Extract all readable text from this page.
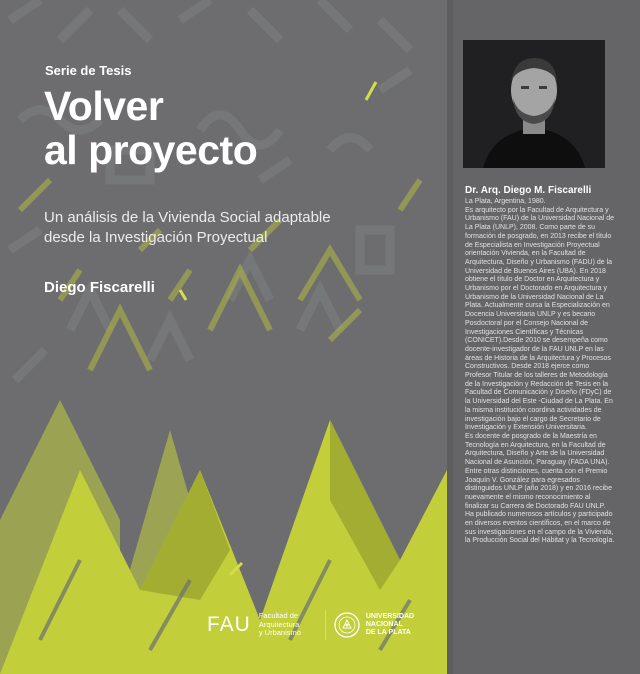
Serie de Tesis
Volver
al proyecto
Un análisis de la Vivienda Social adaptable
desde la Investigación Proyectual
Diego Fiscarelli
FAU Facultad de
Arquitectura
y Urbanismo
UNIVERSIDAD
NACIONAL
DE LA PLATA
Dr. Arq. Diego M. Fiscarelli

La Plata, Argentina, 1980.

Es arquitecto por la Facultad de Arquitectura y Urbanismo (FAU) de la Universidad Nacional de La Plata (UNLP), 2008. Como parte de su formación de posgrado, en 2013 recibe el título de Especialista en Investigación Proyectual orientación Vivienda, en la Facultad de Arquitectura, Diseño y Urbanismo (FADU) de la Universidad de Buenos Aires (UBA). En 2018 obtiene el título de Doctor en Arquitectura y Urbanismo por el Doctorado en Arquitectura y Urbanismo de la Universidad Nacional de La Plata. Actualmente cursa la Especialización en Docencia Universitaria UNLP y es becario Posdoctoral por el Consejo Nacional de Investigaciones Científicas y Técnicas (CONICET).Desde 2010 se desempeña como docente-investigador de la FAU UNLP en las áreas de Historia de la Arquitectura y Procesos Constructivos. Desde 2018 ejerce como Profesor Titular de los talleres de Metodología de la Investigación y Redacción de Tesis en la Facultad de Comunicación y Diseño (FDyC) de la Universidad del Este -Ciudad de La Plata. En la misma institución coordina actividades de investigación bajo el cargo de Secretario de Investigación y Extensión Universitaria.

Es docente de posgrado de la Maestría en Tecnología en Arquitectura, en la Facultad de Arquitectura, Diseño y Arte de la Universidad Nacional de Asunción, Paraguay (FADA UNA).

Entre otras distinciones, cuenta con el Premio Joaquín V. González para egresados distinguidos UNLP (año 2018) y en 2016 recibe nuevamente el mismo reconocimiento al finalizar su Carrera de Doctorado FAU UNLP. Ha publicado numerosos artículos y participado en diversos eventos científicos, en el marco de sus investigaciones en el campo de la Vivienda, la Producción Social del Hábitat y la Tecnología.
